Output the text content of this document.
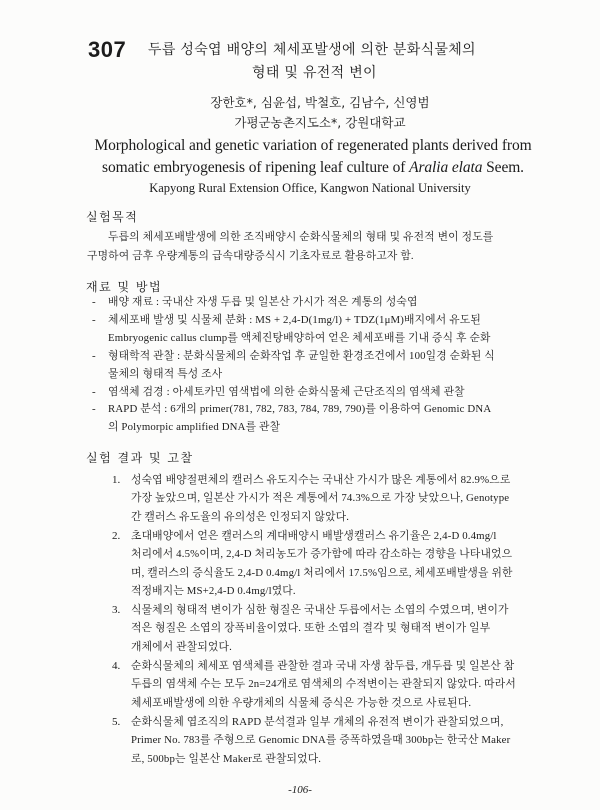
307 두릅 성숙엽 배양의 체세포발생에 의한 분화식물체의
형태 및 유전적 변이
장한호*, 심윤섭, 박철호, 김남수, 신영범
가평군농촌지도소*, 강원대학교
Morphological and genetic variation of regenerated plants derived from
somatic embryogenesis of ripening leaf culture of Aralia elata Seem.
Kapyong Rural Extension Office, Kangwon National University
실험목적
두릅의 체세포배발생에 의한 조직배양시 순화식물체의 형태 및 유전적 변이 정도를
구명하여 금후 우량계통의 급속대량증식시 기초자료로 활용하고자 함.
재료 및 방법
- 배양 재료 : 국내산 자생 두릅 및 일본산 가시가 적은 계통의 성숙엽
- 체세포배 발생 및 식물체 분화 : MS + 2,4-D(1mg/l) + TDZ(1μM)배지에서 유도된
Embryogenic callus clump를 액체진탕배양하여 얻은 체세포배를 기내 증식 후 순화
- 형태학적 관찰 : 분화식물체의 순화작업 후 균일한 환경조건에서 100일경 순화된 식
물체의 형태적 특성 조사
- 염색체 검경 : 아세토카민 염색법에 의한 순화식물체 근단조직의 염색체 관찰
- RAPD 분석 : 6개의 primer(781, 782, 783, 784, 789, 790)를 이용하여 Genomic DNA
의 Polymorpic amplified DNA를 관찰
실험 결과 및 고찰
1. 성숙엽 배양절편체의 캘러스 유도지수는 국내산 가시가 많은 계통에서 82.9%으로
가장 높았으며, 일본산 가시가 적은 계통에서 74.3%으로 가장 낮았으나, Genotype
간 캘러스 유도율의 유의성은 인정되지 않았다.
2. 초대배양에서 얻은 캘러스의 계대배양시 배발생캘러스 유기율은 2,4-D 0.4mg/l
처리에서 4.5%이며, 2,4-D 처리농도가 증가함에 따라 감소하는 경향을 나타내었으
며, 캘러스의 증식율도 2,4-D 0.4mg/l 처리에서 17.5%임으로, 체세포배발생을 위한
적정배지는 MS+2,4-D 0.4mg/l였다.
3. 식물체의 형태적 변이가 심한 형질은 국내산 두릅에서는 소엽의 수였으며, 변이가
적은 형질은 소엽의 장폭비율이였다. 또한 소엽의 결각 및 형태적 변이가 일부
개체에서 관찰되었다.
4. 순화식물체의 체세포 염색체를 관찰한 결과 국내 자생 참두릅, 개두릅 및 일본산 참
두릅의 염색체 수는 모두 2n=24개로 염색체의 수적변이는 관찰되지 않았다. 따라서
체세포배발생에 의한 우량개체의 식물체 증식은 가능한 것으로 사료된다.
5. 순화식물체 엽조직의 RAPD 분석결과 일부 개체의 유전적 변이가 관찰되었으며,
Primer No. 783를 주형으로 Genomic DNA를 증폭하였을때 300bp는 한국산 Maker
로, 500bp는 일본산 Maker로 관찰되었다.
-106-
